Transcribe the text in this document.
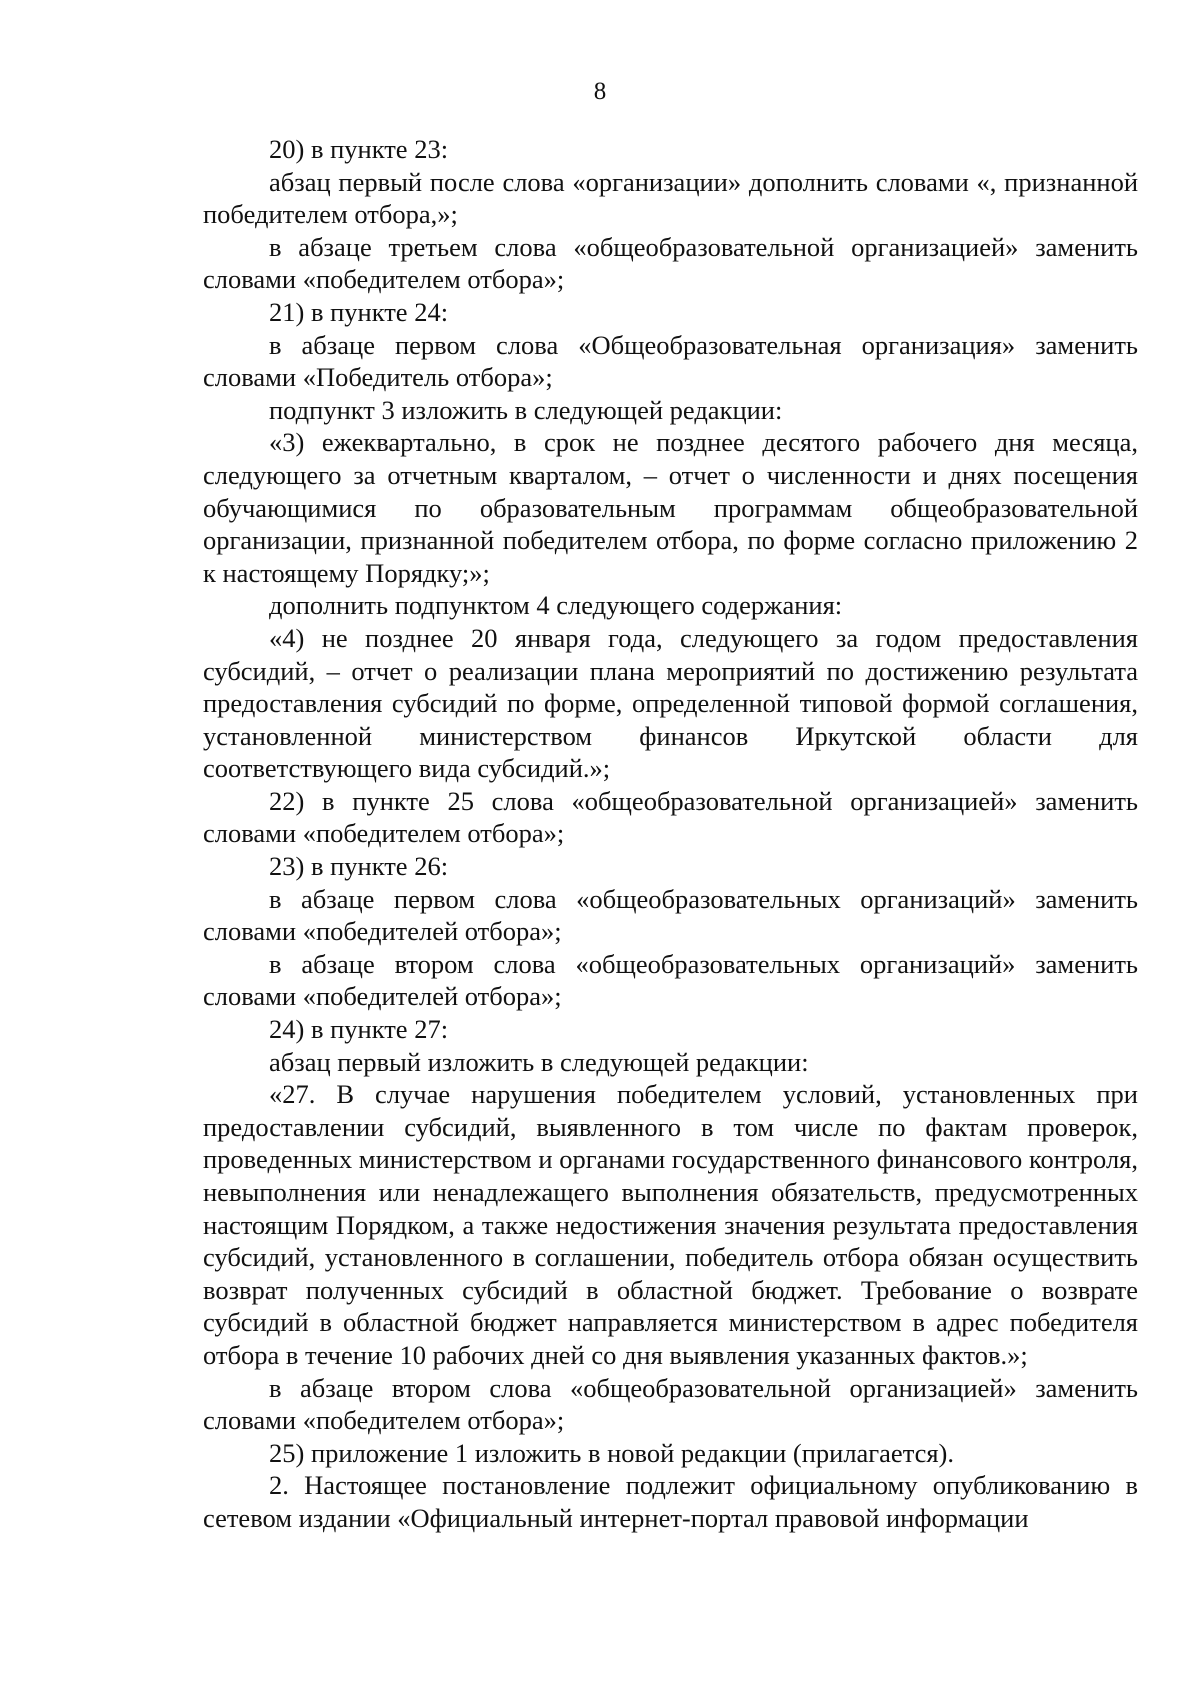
8

20) в пункте 23:

абзац первый после слова «организации» дополнить словами «, признанной победителем отбора,»;

в абзаце третьем слова «общеобразовательной организацией» заменить словами «победителем отбора»;

21) в пункте 24:

в абзаце первом слова «Общеобразовательная организация» заменить словами «Победитель отбора»;

подпункт 3 изложить в следующей редакции:

«3) ежеквартально, в срок не позднее десятого рабочего дня месяца, следующего за отчетным кварталом, – отчет о численности и днях посещения обучающимися по образовательным программам общеобразовательной организации, признанной победителем отбора, по форме согласно приложению 2 к настоящему Порядку;»;

дополнить подпунктом 4 следующего содержания:

«4) не позднее 20 января года, следующего за годом предоставления субсидий, – отчет о реализации плана мероприятий по достижению результата предоставления субсидий по форме, определенной типовой формой соглашения, установленной министерством финансов Иркутской области для соответствующего вида субсидий.»;

22) в пункте 25 слова «общеобразовательной организацией» заменить словами «победителем отбора»;

23) в пункте 26:

в абзаце первом слова «общеобразовательных организаций» заменить словами «победителей отбора»;

в абзаце втором слова «общеобразовательных организаций» заменить словами «победителей отбора»;

24) в пункте 27:

абзац первый изложить в следующей редакции:

«27. В случае нарушения победителем условий, установленных при предоставлении субсидий, выявленного в том числе по фактам проверок, проведенных министерством и органами государственного финансового контроля, невыполнения или ненадлежащего выполнения обязательств, предусмотренных настоящим Порядком, а также недостижения значения результата предоставления субсидий, установленного в соглашении, победитель отбора обязан осуществить возврат полученных субсидий в областной бюджет. Требование о возврате субсидий в областной бюджет направляется министерством в адрес победителя отбора в течение 10 рабочих дней со дня выявления указанных фактов.»;

в абзаце втором слова «общеобразовательной организацией» заменить словами «победителем отбора»;

25) приложение 1 изложить в новой редакции (прилагается).

2. Настоящее постановление подлежит официальному опубликованию в сетевом издании «Официальный интернет-портал правовой информации
